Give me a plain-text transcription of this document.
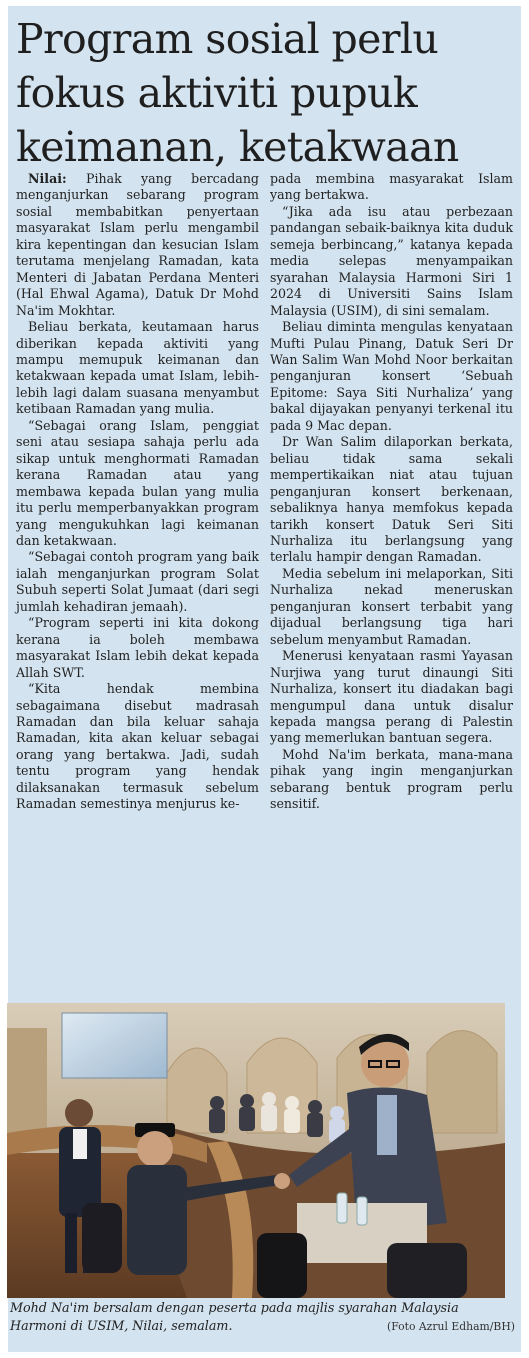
Program sosial perlu
fokus aktiviti pupuk
keimanan, ketakwaan

Nilai: Pihak yang bercadang menganjurkan sebarang program sosial membabitkan penyertaan masyarakat Islam perlu mengambil kira kepentingan dan kesucian Islam terutama menjelang Ramadan, kata Menteri di Jabatan Perdana Menteri (Hal Ehwal Agama), Datuk Dr Mohd Na'im Mokhtar.

Beliau berkata, keutamaan harus diberikan kepada aktiviti yang mampu memupuk keimanan dan ketakwaan kepada umat Islam, lebih-lebih lagi dalam suasana menyambut ketibaan Ramadan yang mulia.

“Sebagai orang Islam, penggiat seni atau sesiapa sahaja perlu ada sikap untuk menghormati Ramadan kerana Ramadan atau yang membawa kepada bulan yang mulia itu perlu memperbanyakkan program yang mengukuhkan lagi keimanan dan ketakwaan.

“Sebagai contoh program yang baik ialah menganjurkan program Solat Subuh seperti Solat Jumaat (dari segi jumlah kehadiran jemaah).

“Program seperti ini kita dokong kerana ia boleh membawa masyarakat Islam lebih dekat kepada Allah SWT.

“Kita hendak membina sebagaimana disebut madrasah Ramadan dan bila keluar sahaja Ramadan, kita akan keluar sebagai orang yang bertakwa. Jadi, sudah tentu program yang hendak dilaksanakan termasuk sebelum Ramadan semestinya menjurus ke-

pada membina masyarakat Islam yang bertakwa.

“Jika ada isu atau perbezaan pandangan sebaik-baiknya kita duduk semeja berbincang,” katanya kepada media selepas menyampaikan syarahan Malaysia Harmoni Siri 1 2024 di Universiti Sains Islam Malaysia (USIM), di sini semalam.

Beliau diminta mengulas kenyataan Mufti Pulau Pinang, Datuk Seri Dr Wan Salim Wan Mohd Noor berkaitan penganjuran konsert ‘Sebuah Epitome: Saya Siti Nurhaliza’ yang bakal dijayakan penyanyi terkenal itu pada 9 Mac depan.

Dr Wan Salim dilaporkan berkata, beliau tidak sama sekali mempertikaikan niat atau tujuan penganjuran konsert berkenaan, sebaliknya hanya memfokus kepada tarikh konsert Datuk Seri Siti Nurhaliza itu berlangsung yang terlalu hampir dengan Ramadan.

Media sebelum ini melaporkan, Siti Nurhaliza nekad meneruskan penganjuran konsert terbabit yang dijadual berlangsung tiga hari sebelum menyambut Ramadan.

Menerusi kenyataan rasmi Yayasan Nurjiwa yang turut dinaungi Siti Nurhaliza, konsert itu diadakan bagi mengumpul dana untuk disalur kepada mangsa perang di Palestin yang memerlukan bantuan segera.

Mohd Na'im berkata, mana-mana pihak yang ingin menganjurkan sebarang bentuk program perlu sensitif.

Mohd Na'im bersalam dengan peserta pada majlis syarahan Malaysia Harmoni di USIM, Nilai, semalam.	(Foto Azrul Edham/BH)
